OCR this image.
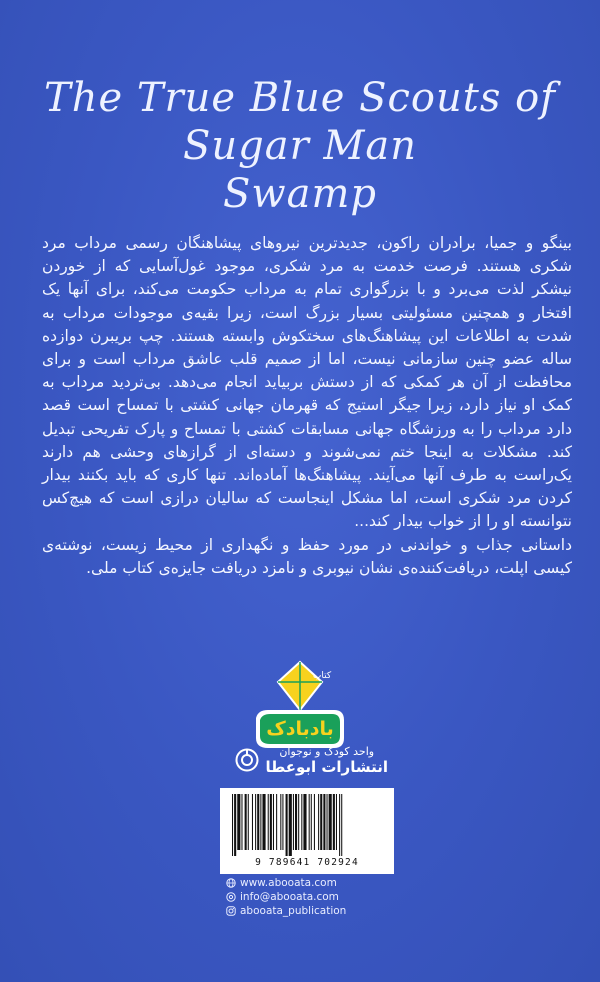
The True Blue Scouts of
Sugar Man
Swamp

بینگو و جمیا، برادران راکون، جدیدترین نیروهای پیشاهنگان رسمی مرداب مرد شکری هستند. فرصت خدمت به مرد شکری، موجود غول‌آسایی که از خوردن نیشکر لذت می‌برد و با بزرگواری تمام به مرداب حکومت می‌کند، برای آنها یک افتخار و همچنین مسئولیتی بسیار بزرگ است، زیرا بقیه‌ی موجودات مرداب به شدت به اطلاعات این پیشاهنگ‌های سختکوش وابسته هستند. چپ بریبرن دوازده ساله عضو چنین سازمانی نیست، اما از صمیم قلب عاشق مرداب است و برای محافظت از آن هر کمکی که از دستش بربیاید انجام می‌دهد. بی‌تردید مرداب به کمک او نیاز دارد، زیرا جیگر استیج که قهرمان جهانی کشتی با تمساح است قصد دارد مرداب را به ورزشگاه جهانی مسابقات کشتی با تمساح و پارک تفریحی تبدیل کند. مشکلات به اینجا ختم نمی‌شوند و دسته‌ای از گرازهای وحشی هم دارند یک‌راست به طرف آنها می‌آیند. پیشاهنگ‌ها آماده‌اند. تنها کاری که باید بکنند بیدار کردن مرد شکری است، اما مشکل اینجاست که سالیان درازی است که هیچ‌کس نتوانسته او را از خواب بیدار کند...

داستانی جذاب و خواندنی در مورد حفظ و نگهداری از محیط زیست، نوشته‌ی کیسی اپلت، دریافت‌کننده‌ی نشان نیوبری و نامزد دریافت جایزه‌ی کتاب ملی.

کتاب
بادبادک
واحد کودک و نوجوان
انتشارات ابوعطا
9 789641 702924
www.abooata.com
info@abooata.com
abooata_publication
